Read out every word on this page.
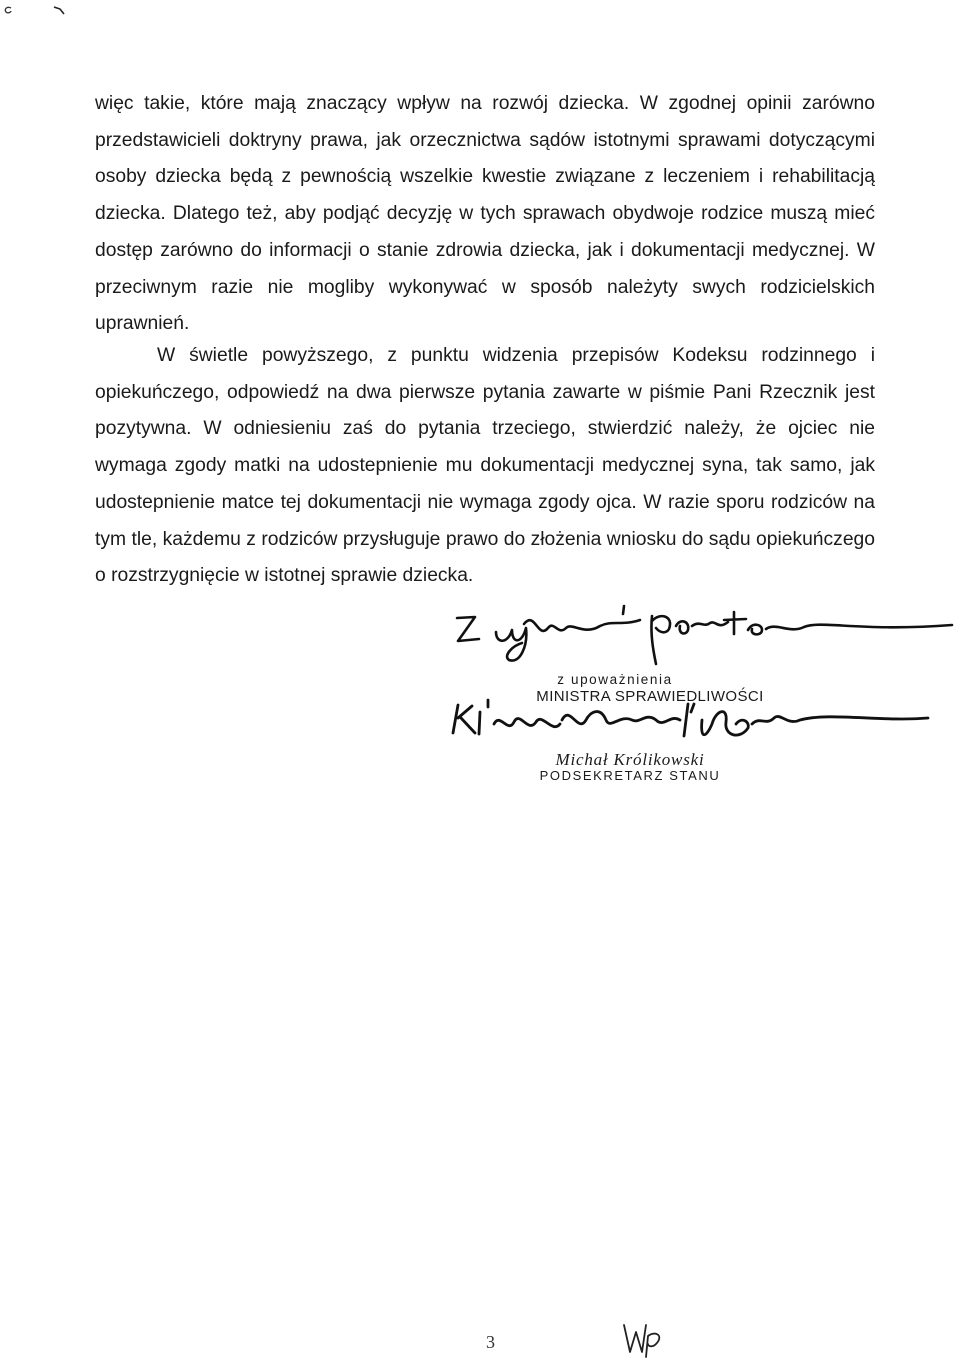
więc takie, które mają znaczący wpływ na rozwój dziecka. W zgodnej opinii zarówno przedstawicieli doktryny prawa, jak orzecznictwa sądów istotnymi sprawami dotyczącymi osoby dziecka będą z pewnością wszelkie kwestie związane z leczeniem i rehabilitacją dziecka. Dlatego też, aby podjąć decyzję w tych sprawach obydwoje rodzice muszą mieć dostęp zarówno do informacji o stanie zdrowia dziecka, jak i dokumentacji medycznej. W przeciwnym razie nie mogliby wykonywać w sposób należyty swych rodzicielskich uprawnień.

W świetle powyższego, z punktu widzenia przepisów Kodeksu rodzinnego i opiekuńczego, odpowiedź na dwa pierwsze pytania zawarte w piśmie Pani Rzecznik jest pozytywna. W odniesieniu zaś do pytania trzeciego, stwierdzić należy, że ojciec nie wymaga zgody matki na udostepnienie mu dokumentacji medycznej syna, tak samo, jak udostepnienie matce tej dokumentacji nie wymaga zgody ojca. W razie sporu rodziców na tym tle, każdemu z rodziców przysługuje prawo do złożenia wniosku do sądu opiekuńczego o rozstrzygnięcie w istotnej sprawie dziecka.

z upoważnienia
MINISTRA SPRAWIEDLIWOŚCI
Michał Królikowski
PODSEKRETARZ STANU
3
